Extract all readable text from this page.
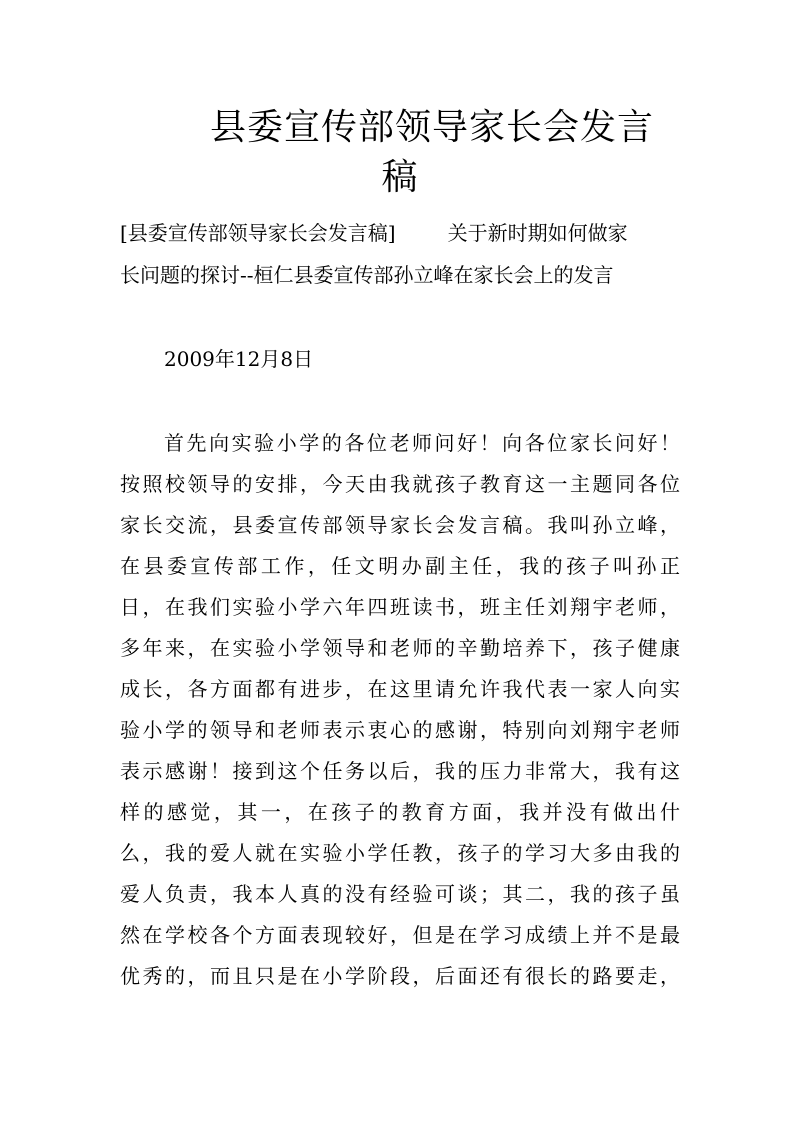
县委宣传部领导家长会发言
稿
[县委宣传部领导家长会发言稿]	关于新时期如何做家
长问题的探讨--桓仁县委宣传部孙立峰在家长会上的发言
2009年12月8日
首先向实验小学的各位老师问好！向各位家长问好！
按照校领导的安排，今天由我就孩子教育这一主题同各位
家长交流，县委宣传部领导家长会发言稿。我叫孙立峰，
在县委宣传部工作，任文明办副主任，我的孩子叫孙正
日，在我们实验小学六年四班读书，班主任刘翔宇老师，
多年来，在实验小学领导和老师的辛勤培养下，孩子健康
成长，各方面都有进步，在这里请允许我代表一家人向实
验小学的领导和老师表示衷心的感谢，特别向刘翔宇老师
表示感谢！接到这个任务以后，我的压力非常大，我有这
样的感觉，其一，在孩子的教育方面，我并没有做出什
么，我的爱人就在实验小学任教，孩子的学习大多由我的
爱人负责，我本人真的没有经验可谈；其二，我的孩子虽
然在学校各个方面表现较好，但是在学习成绩上并不是最
优秀的，而且只是在小学阶段，后面还有很长的路要走，
